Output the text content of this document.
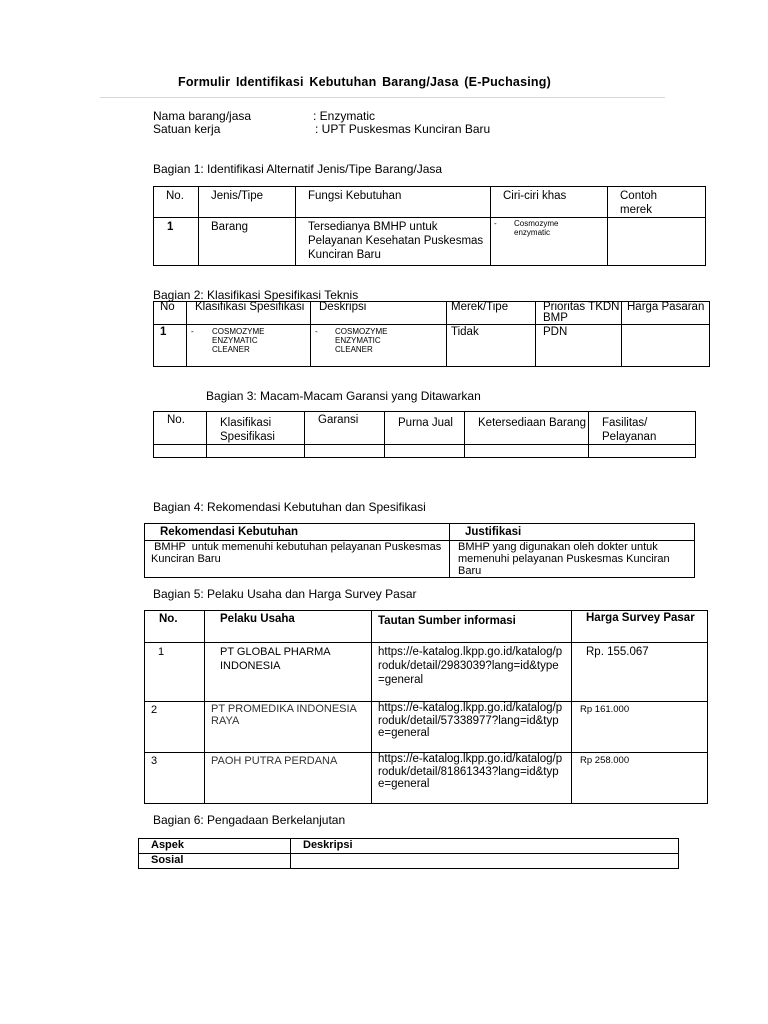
Formulir Identifikasi Kebutuhan Barang/Jasa (E-Puchasing)
Nama barang/jasa	: Enzymatic
Satuan kerja	: UPT Puskesmas Kunciran Baru
Bagian 1: Identifikasi Alternatif Jenis/Tipe Barang/Jasa
No.	Jenis/Tipe	Fungsi Kebutuhan	Ciri-ciri khas	Contoh merek

1	Barang	Tersedianya BMHP untuk Pelayanan Kesehatan Puskesmas Kunciran Baru	- Cosmozyme enzymatic	

Bagian 2: Klasifikasi Spesifikasi Teknis
No	Klasifikasi Spesifikasi	Deskripsi	Merek/Tipe	Prioritas TKDN BMP	Harga Pasaran
1	- COSMOZYME ENZYMATIC CLEANER	- COSMOZYME ENZYMATIC CLEANER	Tidak	PDN	
Bagian 3: Macam-Macam Garansi yang Ditawarkan
No.	Klasifikasi Spesifikasi	Garansi	Purna Jual	Ketersediaan Barang	Fasilitas/ Pelayanan

Bagian 4: Rekomendasi Kebutuhan dan Spesifikasi
Rekomendasi Kebutuhan	Justifikasi
BMHP  untuk memenuhi kebutuhan pelayanan Puskesmas Kunciran Baru	BMHP yang digunakan oleh dokter untuk memenuhi pelayanan Puskesmas Kunciran Baru
Bagian 5: Pelaku Usaha dan Harga Survey Pasar
No.	Pelaku Usaha	Tautan Sumber informasi	Harga Survey Pasar
1	PT GLOBAL PHARMA INDONESIA	https://e-katalog.lkpp.go.id/katalog/produk/detail/2983039?lang=id&type=general	Rp. 155.067
2	PT PROMEDIKA INDONESIA RAYA	https://e-katalog.lkpp.go.id/katalog/produk/detail/57338977?lang=id&type=general	Rp 161.000
3	PAOH PUTRA PERDANA	https://e-katalog.lkpp.go.id/katalog/produk/detail/81861343?lang=id&type=general	Rp 258.000
Bagian 6: Pengadaan Berkelanjutan
Aspek	Deskripsi
Sosial	
